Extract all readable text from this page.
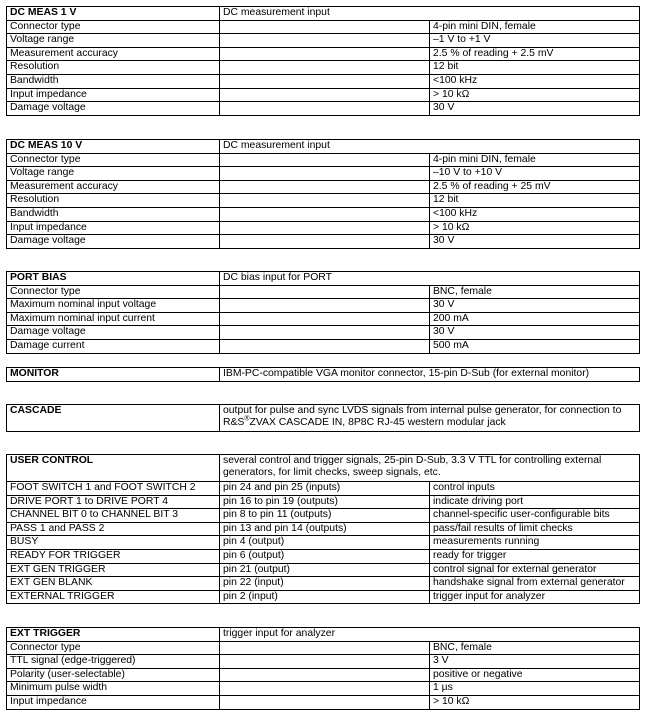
DC MEAS 1 V	DC measurement input	
Connector type		4-pin mini DIN, female
Voltage range		–1 V to +1 V
Measurement accuracy		2.5 % of reading + 2.5 mV
Resolution		12 bit
Bandwidth		<100 kHz
Input impedance		> 10 kΩ
Damage voltage		30 V
DC MEAS 10 V	DC measurement input	
Connector type		4-pin mini DIN, female
Voltage range		–10 V to +10 V
Measurement accuracy		2.5 % of reading + 25 mV
Resolution		12 bit
Bandwidth		<100 kHz
Input impedance		> 10 kΩ
Damage voltage		30 V
PORT BIAS	DC bias input for PORT	
Connector type		BNC, female
Maximum nominal input voltage		30 V
Maximum nominal input current		200 mA
Damage voltage		30 V
Damage current		500 mA
MONITOR	IBM-PC-compatible VGA monitor connector, 15-pin D-Sub (for external monitor)
CASCADE	output for pulse and sync LVDS signals from internal pulse generator, for connection to R&S®ZVAX CASCADE IN, 8P8C RJ-45 western modular jack
USER CONTROL	several control and trigger signals, 25-pin D-Sub, 3.3 V TTL for controlling external generators, for limit checks, sweep signals, etc.	
FOOT SWITCH 1 and FOOT SWITCH 2	pin 24 and pin 25 (inputs)	control inputs
DRIVE PORT 1 to DRIVE PORT 4	pin 16 to pin 19 (outputs)	indicate driving port
CHANNEL BIT 0 to CHANNEL BIT 3	pin 8 to pin 11 (outputs)	channel-specific user-configurable bits
PASS 1 and PASS 2	pin 13 and pin 14 (outputs)	pass/fail results of limit checks
BUSY	pin 4 (output)	measurements running
READY FOR TRIGGER	pin 6 (output)	ready for trigger
EXT GEN TRIGGER	pin 21 (output)	control signal for external generator
EXT GEN BLANK	pin 22 (input)	handshake signal from external generator
EXTERNAL TRIGGER	pin 2 (input)	trigger input for analyzer
EXT TRIGGER	trigger input for analyzer	
Connector type		BNC, female
TTL signal (edge-triggered)		3 V
Polarity (user-selectable)		positive or negative
Minimum pulse width		1 µs
Input impedance		> 10 kΩ
